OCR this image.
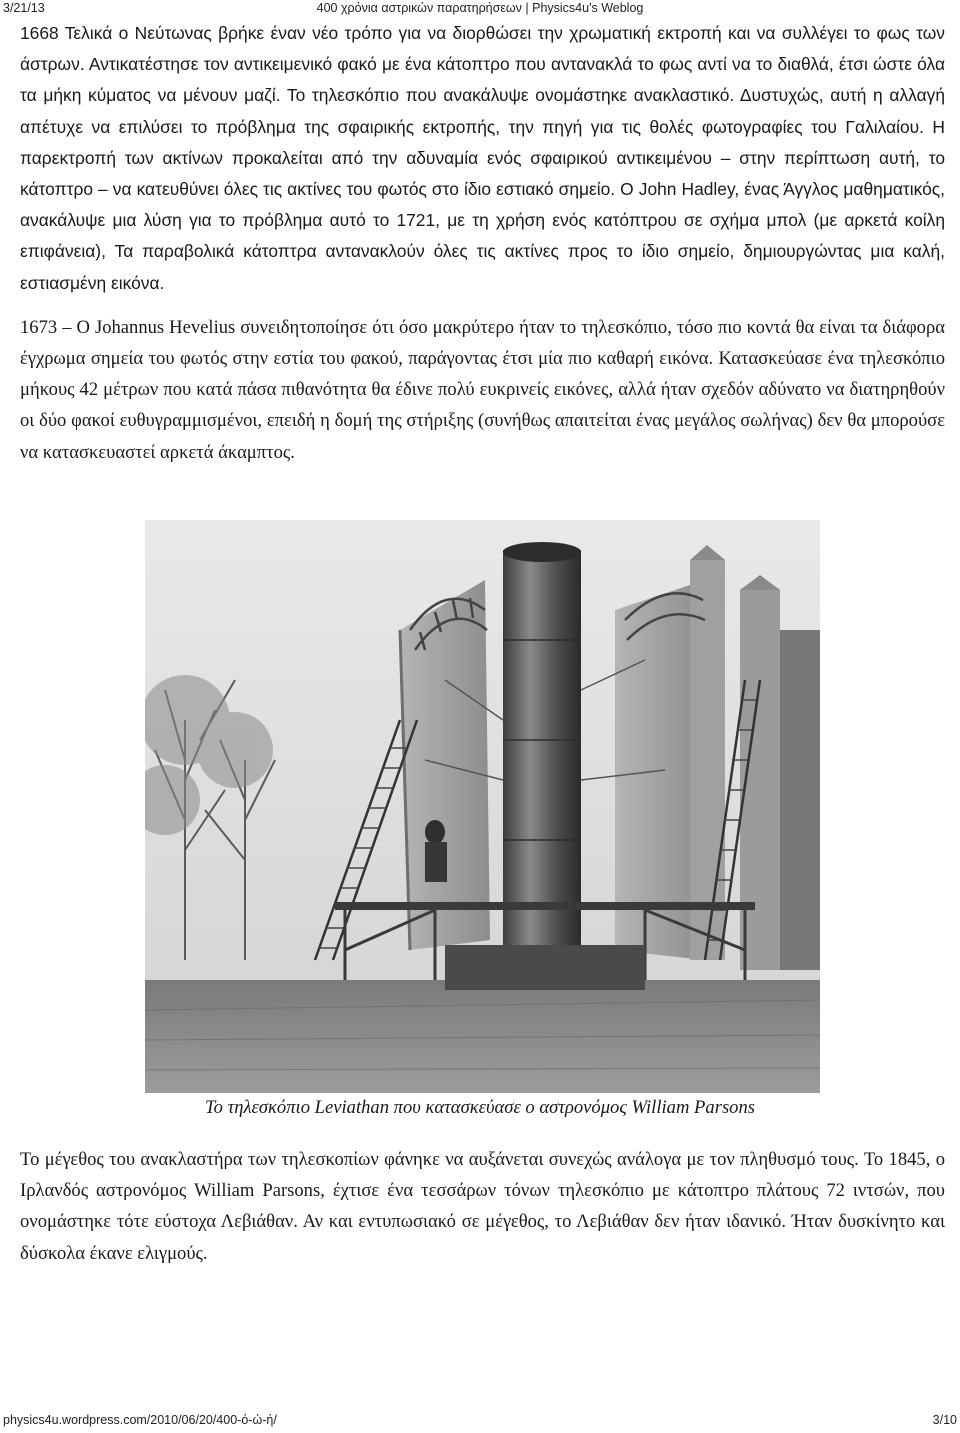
3/21/13	400 χρόνια αστρικών παρατηρήσεων | Physics4u's Weblog

1668 Τελικά ο Νεύτωνας βρήκε έναν νέο τρόπο για να διορθώσει την χρωματική εκτροπή και να συλλέγει το φως των άστρων. Αντικατέστησε τον αντικειμενικό φακό με ένα κάτοπτρο που αντανακλά το φως αντί να το διαθλά, έτσι ώστε όλα τα μήκη κύματος να μένουν μαζί. Το τηλεσκόπιο που ανακάλυψε ονομάστηκε ανακλαστικό. Δυστυχώς, αυτή η αλλαγή απέτυχε να επιλύσει το πρόβλημα της σφαιρικής εκτροπής, την πηγή για τις θολές φωτογραφίες του Γαλιλαίου. Η παρεκτροπή των ακτίνων προκαλείται από την αδυναμία ενός σφαιρικού αντικειμένου – στην περίπτωση αυτή, το κάτοπτρο – να κατευθύνει όλες τις ακτίνες του φωτός στο ίδιο εστιακό σημείο. Ο John Hadley, ένας Άγγλος μαθηματικός, ανακάλυψε μια λύση για το πρόβλημα αυτό το 1721, με τη χρήση ενός κατόπτρου σε σχήμα μπολ (με αρκετά κοίλη επιφάνεια), Τα παραβολικά κάτοπτρα αντανακλούν όλες τις ακτίνες προς το ίδιο σημείο, δημιουργώντας μια καλή, εστιασμένη εικόνα.

1673 – Ο Johannus Hevelius συνειδητοποίησε ότι όσο μακρύτερο ήταν το τηλεσκόπιο, τόσο πιο κοντά θα είναι τα διάφορα έγχρωμα σημεία του φωτός στην εστία του φακού, παράγοντας έτσι μία πιο καθαρή εικόνα. Κατασκεύασε ένα τηλεσκόπιο μήκους 42 μέτρων που κατά πάσα πιθανότητα θα έδινε πολύ ευκρινείς εικόνες, αλλά ήταν σχεδόν αδύνατο να διατηρηθούν οι δύο φακοί ευθυγραμμισμένοι, επειδή η δομή της στήριξης (συνήθως απαιτείται ένας μεγάλος σωλήνας) δεν θα μπορούσε να κατασκευαστεί αρκετά άκαμπτος.

Το τηλεσκόπιο Leviathan που κατασκεύασε ο αστρονόμος William Parsons

Το μέγεθος του ανακλαστήρα των τηλεσκοπίων φάνηκε να αυξάνεται συνεχώς ανάλογα με τον πληθυσμό τους. Το 1845, ο Ιρλανδός αστρονόμος William Parsons, έχτισε ένα τεσσάρων τόνων τηλεσκόπιο με κάτοπτρο πλάτους 72 ιντσών, που ονομάστηκε τότε εύστοχα Λεβιάθαν. Αν και εντυπωσιακό σε μέγεθος, το Λεβιάθαν δεν ήταν ιδανικό. Ήταν δυσκίνητο και δύσκολα έκανε ελιγμούς.

physics4u.wordpress.com/2010/06/20/400-ό-ώ-ή/	3/10
